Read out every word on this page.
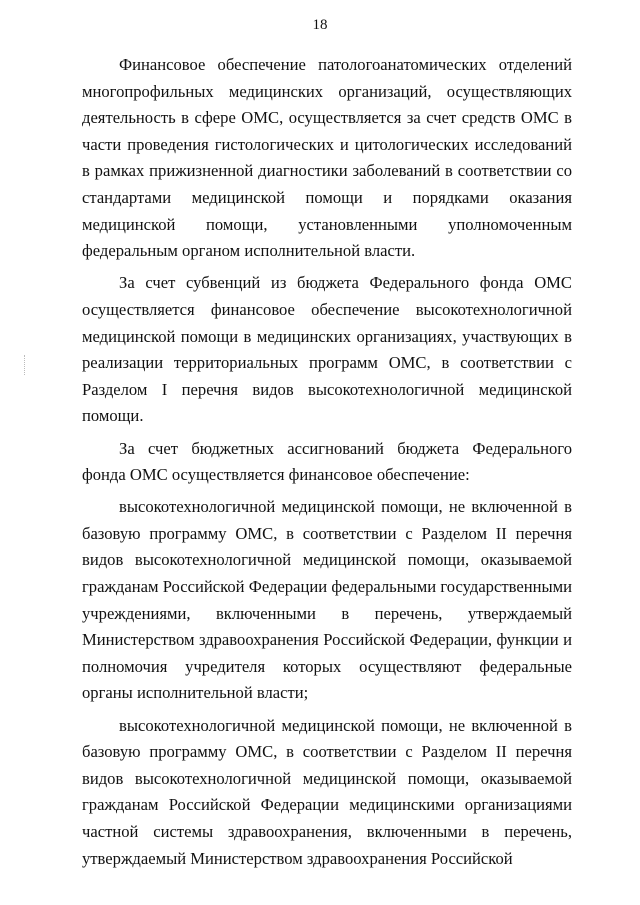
18

Финансовое обеспечение патологоанатомических отделений многопрофильных медицинских организаций, осуществляющих деятельность в сфере ОМС, осуществляется за счет средств ОМС в части проведения гистологических и цитологических исследований в рамках прижизненной диагностики заболеваний в соответствии со стандартами медицинской помощи и порядками оказания медицинской помощи, установленными уполномоченным федеральным органом исполнительной власти.

За счет субвенций из бюджета Федерального фонда ОМС осуществляется финансовое обеспечение высокотехнологичной медицинской помощи в медицинских организациях, участвующих в реализации территориальных программ ОМС, в соответствии с Разделом I перечня видов высокотехнологичной медицинской помощи.

За счет бюджетных ассигнований бюджета Федерального фонда ОМС осуществляется финансовое обеспечение:

высокотехнологичной медицинской помощи, не включенной в базовую программу ОМС, в соответствии с Разделом II перечня видов высокотехнологичной медицинской помощи, оказываемой гражданам Российской Федерации федеральными государственными учреждениями, включенными в перечень, утверждаемый Министерством здравоохранения Российской Федерации, функции и полномочия учредителя которых осуществляют федеральные органы исполнительной власти;

высокотехнологичной медицинской помощи, не включенной в базовую программу ОМС, в соответствии с Разделом II перечня видов высокотехнологичной медицинской помощи, оказываемой гражданам Российской Федерации медицинскими организациями частной системы здравоохранения, включенными в перечень, утверждаемый Министерством здравоохранения Российской
